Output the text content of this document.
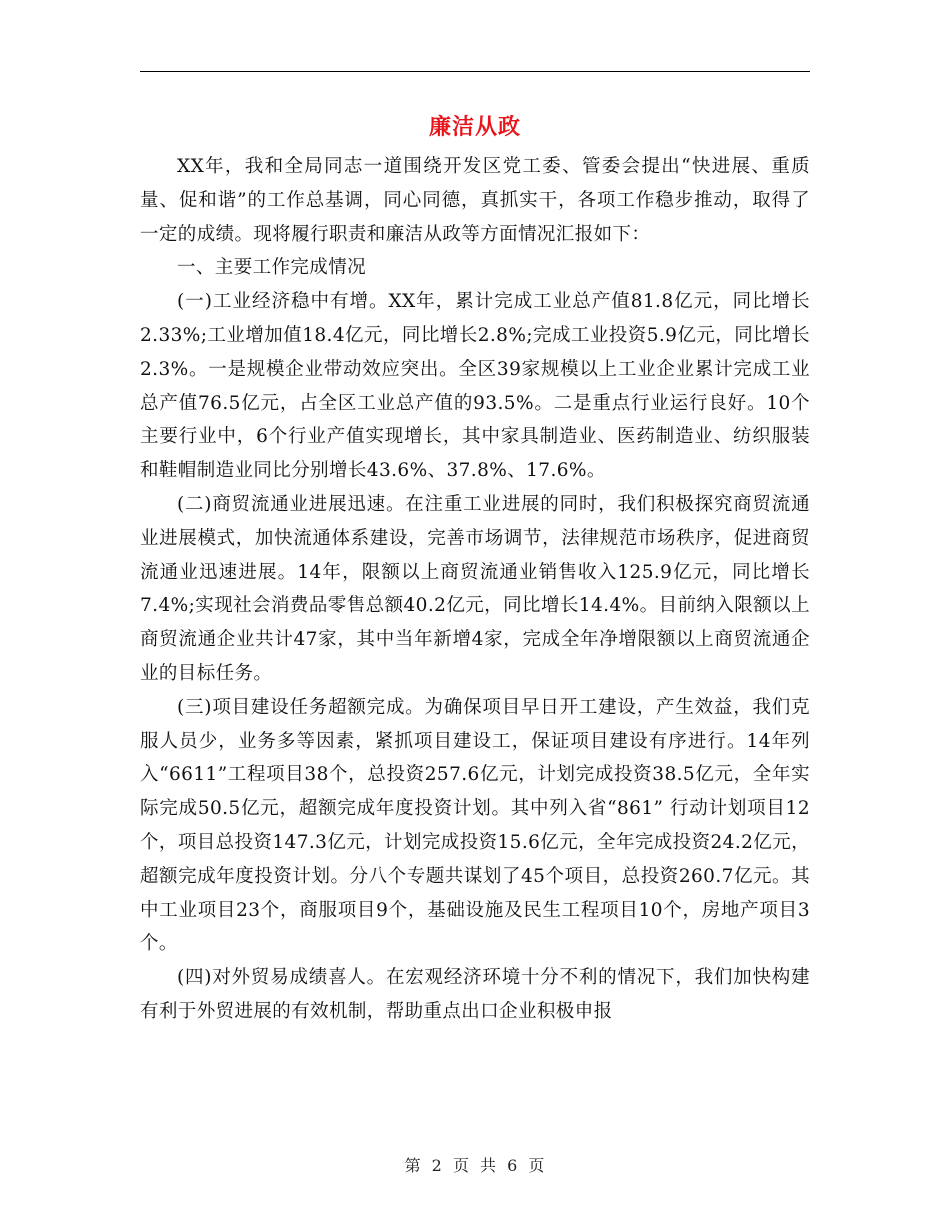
廉洁从政

XX年，我和全局同志一道围绕开发区党工委、管委会提出“快进展、重质量、促和谐”的工作总基调，同心同德，真抓实干，各项工作稳步推动，取得了一定的成绩。现将履行职责和廉洁从政等方面情况汇报如下：

一、主要工作完成情况

(一)工业经济稳中有增。XX年，累计完成工业总产值81.8亿元，同比增长2.33%;工业增加值18.4亿元，同比增长2.8%;完成工业投资5.9亿元，同比增长2.3%。一是规模企业带动效应突出。全区39家规模以上工业企业累计完成工业总产值76.5亿元，占全区工业总产值的93.5%。二是重点行业运行良好。10个主要行业中，6个行业产值实现增长，其中家具制造业、医药制造业、纺织服装和鞋帽制造业同比分别增长43.6%、37.8%、17.6%。

(二)商贸流通业进展迅速。在注重工业进展的同时，我们积极探究商贸流通业进展模式，加快流通体系建设，完善市场调节，法律规范市场秩序，促进商贸流通业迅速进展。14年，限额以上商贸流通业销售收入125.9亿元，同比增长7.4%;实现社会消费品零售总额40.2亿元，同比增长14.4%。目前纳入限额以上商贸流通企业共计47家，其中当年新增4家，完成全年净增限额以上商贸流通企业的目标任务。

(三)项目建设任务超额完成。为确保项目早日开工建设，产生效益，我们克服人员少，业务多等因素，紧抓项目建设工，保证项目建设有序进行。14年列入“6611”工程项目38个，总投资257.6亿元，计划完成投资38.5亿元，全年实际完成50.5亿元，超额完成年度投资计划。其中列入省“861” 行动计划项目12个，项目总投资147.3亿元，计划完成投资15.6亿元，全年完成投资24.2亿元，超额完成年度投资计划。分八个专题共谋划了45个项目，总投资260.7亿元。其中工业项目23个，商服项目9个，基础设施及民生工程项目10个，房地产项目3个。

(四)对外贸易成绩喜人。在宏观经济环境十分不利的情况下，我们加快构建有利于外贸进展的有效机制，帮助重点出口企业积极申报

第 2 页 共 6 页
